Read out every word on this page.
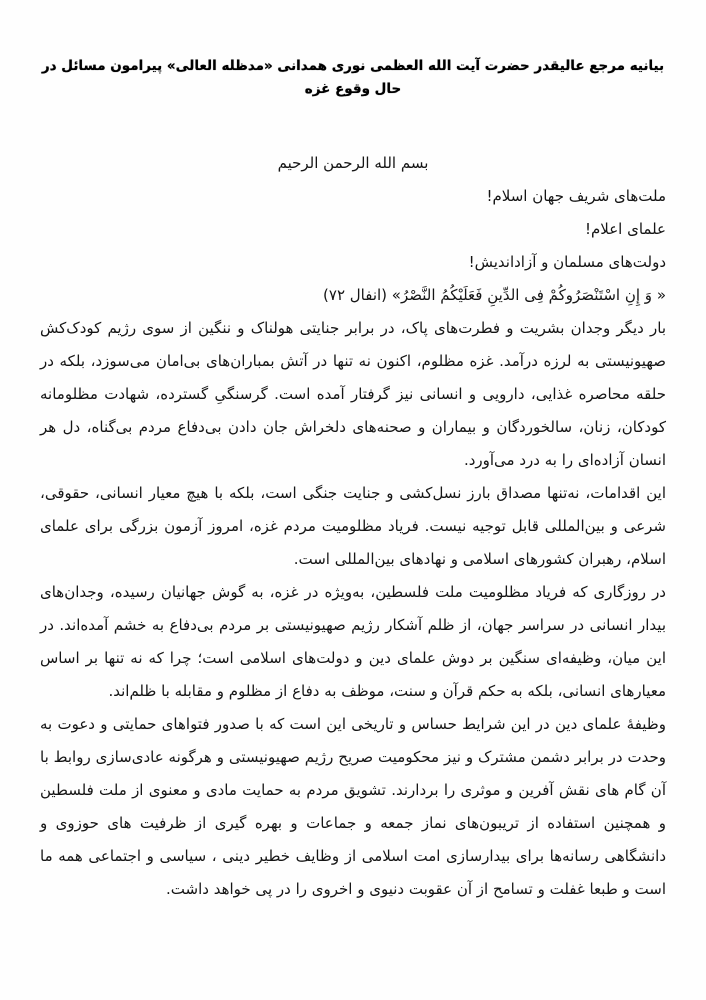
بیانیه مرجع عالیقدر حضرت آیت الله العظمی نوری همدانی «مدظله العالی» پیرامون مسائل در حال وقوع غزه

بسم الله الرحمن الرحیم

ملت‌های شریف جهان اسلام!

علمای اعلام!

دولت‌های مسلمان و آزاداندیش!

« وَ إِنِ اسْتَنْصَرُوكُمْ فِی الدِّينِ فَعَلَيْكُمُ النَّصْرُ» (انفال ۷۲)

بار دیگر وجدان بشریت و فطرت‌های پاک، در برابر جنایتی هولناک و ننگین از سوی رژیم کودک‌کش صهیونیستی به لرزه درآمد. غزه مظلوم، اکنون نه تنها در آتش بمباران‌های بی‌امان می‌سوزد، بلکه در حلقه محاصره غذایی، دارویی و انسانی نیز گرفتار آمده است. گرسنگیِ گسترده، شهادت مظلومانه کودکان، زنان، سالخوردگان و بیماران و صحنه‌های دلخراش جان دادن بی‌دفاع مردم بی‌گناه، دل هر انسان آزاده‌ای را به درد می‌آورد.

این اقدامات، نه‌تنها مصداق بارز نسل‌کشی و جنایت جنگی است، بلکه با هیچ معیار انسانی، حقوقی، شرعی و بین‌المللی قابل توجیه نیست. فریاد مظلومیت مردم غزه، امروز آزمون بزرگی برای علمای اسلام، رهبران کشورهای اسلامی و نهادهای بین‌المللی است.

در روزگاری که فریاد مظلومیت ملت فلسطین، به‌ویژه در غزه، به گوش جهانیان رسیده، وجدان‌های بیدار انسانی در سراسر جهان، از ظلم آشکار رژیم صهیونیستی بر مردم بی‌دفاع به خشم آمده‌اند. در این میان، وظیفه‌ای سنگین بر دوش علمای دین و دولت‌های اسلامی است؛ چرا که نه تنها بر اساس معیارهای انسانی، بلکه به حکم قرآن و سنت، موظف به دفاع از مظلوم و مقابله با ظلم‌اند.

وظیفهٔ علمای دین در این شرایط حساس و تاریخی این است که با صدور فتواهای حمایتی و دعوت به وحدت در برابر دشمن مشترک و نیز محکومیت صریح رژیم صهیونیستی و هرگونه عادی‌سازی روابط با آن گام های نقش آفرین و موثری را بردارند. تشویق مردم به حمایت مادی و معنوی از ملت فلسطین و همچنین استفاده از تریبون‌های نماز جمعه و جماعات و بهره گیری از ظرفیت های حوزوی و دانشگاهی رسانه‌ها برای بیدارسازی امت اسلامی از وظایف خطیر دینی ، سیاسی و اجتماعی همه ما است و طبعا غفلت و تسامح از آن عقوبت دنیوی و اخروی را در پی خواهد داشت.
